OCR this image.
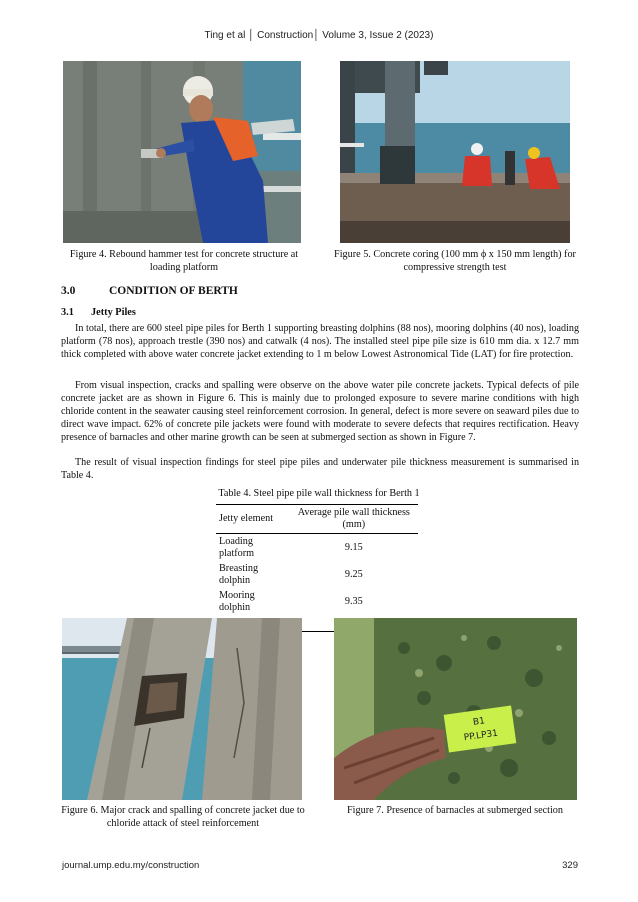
Ting et al │ Construction│ Volume 3, Issue 2 (2023)
Figure 4. Rebound hammer test for concrete structure at loading platform
Figure 5. Concrete coring (100 mm ϕ x 150 mm length) for compressive strength test
3.0	CONDITION OF BERTH
3.1 Jetty Piles

In total, there are 600 steel pipe piles for Berth 1 supporting breasting dolphins (88 nos), mooring dolphins (40 nos), loading platform (78 nos), approach trestle (390 nos) and catwalk (4 nos). The installed steel pipe pile size is 610 mm dia. x 12.7 mm thick completed with above water concrete jacket extending to 1 m below Lowest Astronomical Tide (LAT) for fire protection.

From visual inspection, cracks and spalling were observe on the above water pile concrete jackets. Typical defects of pile concrete jacket are as shown in Figure 6. This is mainly due to prolonged exposure to severe marine conditions with high chloride content in the seawater causing steel reinforcement corrosion. In general, defect is more severe on seaward piles due to direct wave impact. 62% of concrete pile jackets were found with moderate to severe defects that requires rectification. Heavy presence of barnacles and other marine growth can be seen at submerged section as shown in Figure 7.

The result of visual inspection findings for steel pipe piles and underwater pile thickness measurement is summarised in Table 4.

Table 4. Steel pipe pile wall thickness for Berth 1
Jetty element	Average pile wall thickness (mm)
Loading platform	9.15
Breasting dolphin	9.25
Mooring dolphin	9.35

Figure 6. Major crack and spalling of concrete jacket due to chloride attack of steel reinforcement
B1
PP.LP31
Figure 7. Presence of barnacles at submerged section
journal.ump.edu.my/construction	329
